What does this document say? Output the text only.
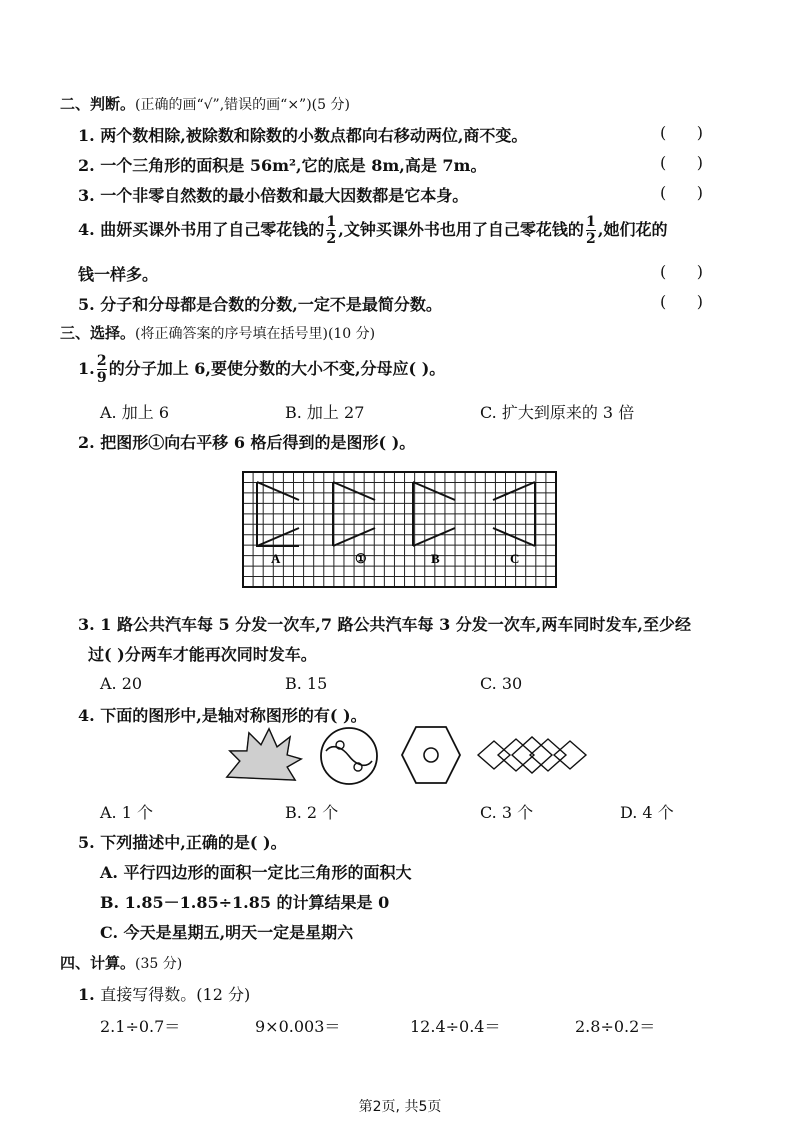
二、判断。(正确的画“√”,错误的画“×”)(5 分)
1. 两个数相除,被除数和除数的小数点都向右移动两位,商不变。	(      )
2. 一个三角形的面积是 56m²,它的底是 8m,高是 7m。	(      )
3. 一个非零自然数的最小倍数和最大因数都是它本身。	(      )
4. 曲妍买课外书用了自己零花钱的 $\frac{1}{2}$ ,文钟买课外书也用了自己零花钱的 $\frac{1}{2}$ ,她们花的
钱一样多。	(      )
5. 分子和分母都是合数的分数,一定不是最简分数。	(      )
三、选择。(将正确答案的序号填在括号里)(10 分)
1. $\frac{2}{9}$ 的分子加上 6,要使分数的大小不变,分母应( )。
A. 加上 6	B. 加上 27	C. 扩大到原来的 3 倍
2. 把图形①向右平移 6 格后得到的是图形( )。
A	①	B	C
3. 1 路公共汽车每 5 分发一次车,7 路公共汽车每 3 分发一次车,两车同时发车,至少经
过( )分两车才能再次同时发车。
A. 20	B. 15	C. 30
4. 下面的图形中,是轴对称图形的有( )。
A. 1 个	B. 2 个	C. 3 个	D. 4 个
5. 下列描述中,正确的是( )。
A. 平行四边形的面积一定比三角形的面积大
B. 1.85－1.85÷1.85 的计算结果是 0
C. 今天是星期五,明天一定是星期六
四、计算。(35 分)
1. 直接写得数。(12 分)
2.1÷0.7＝	9×0.003＝	12.4÷0.4＝	2.8÷0.2＝
第2页, 共5页
